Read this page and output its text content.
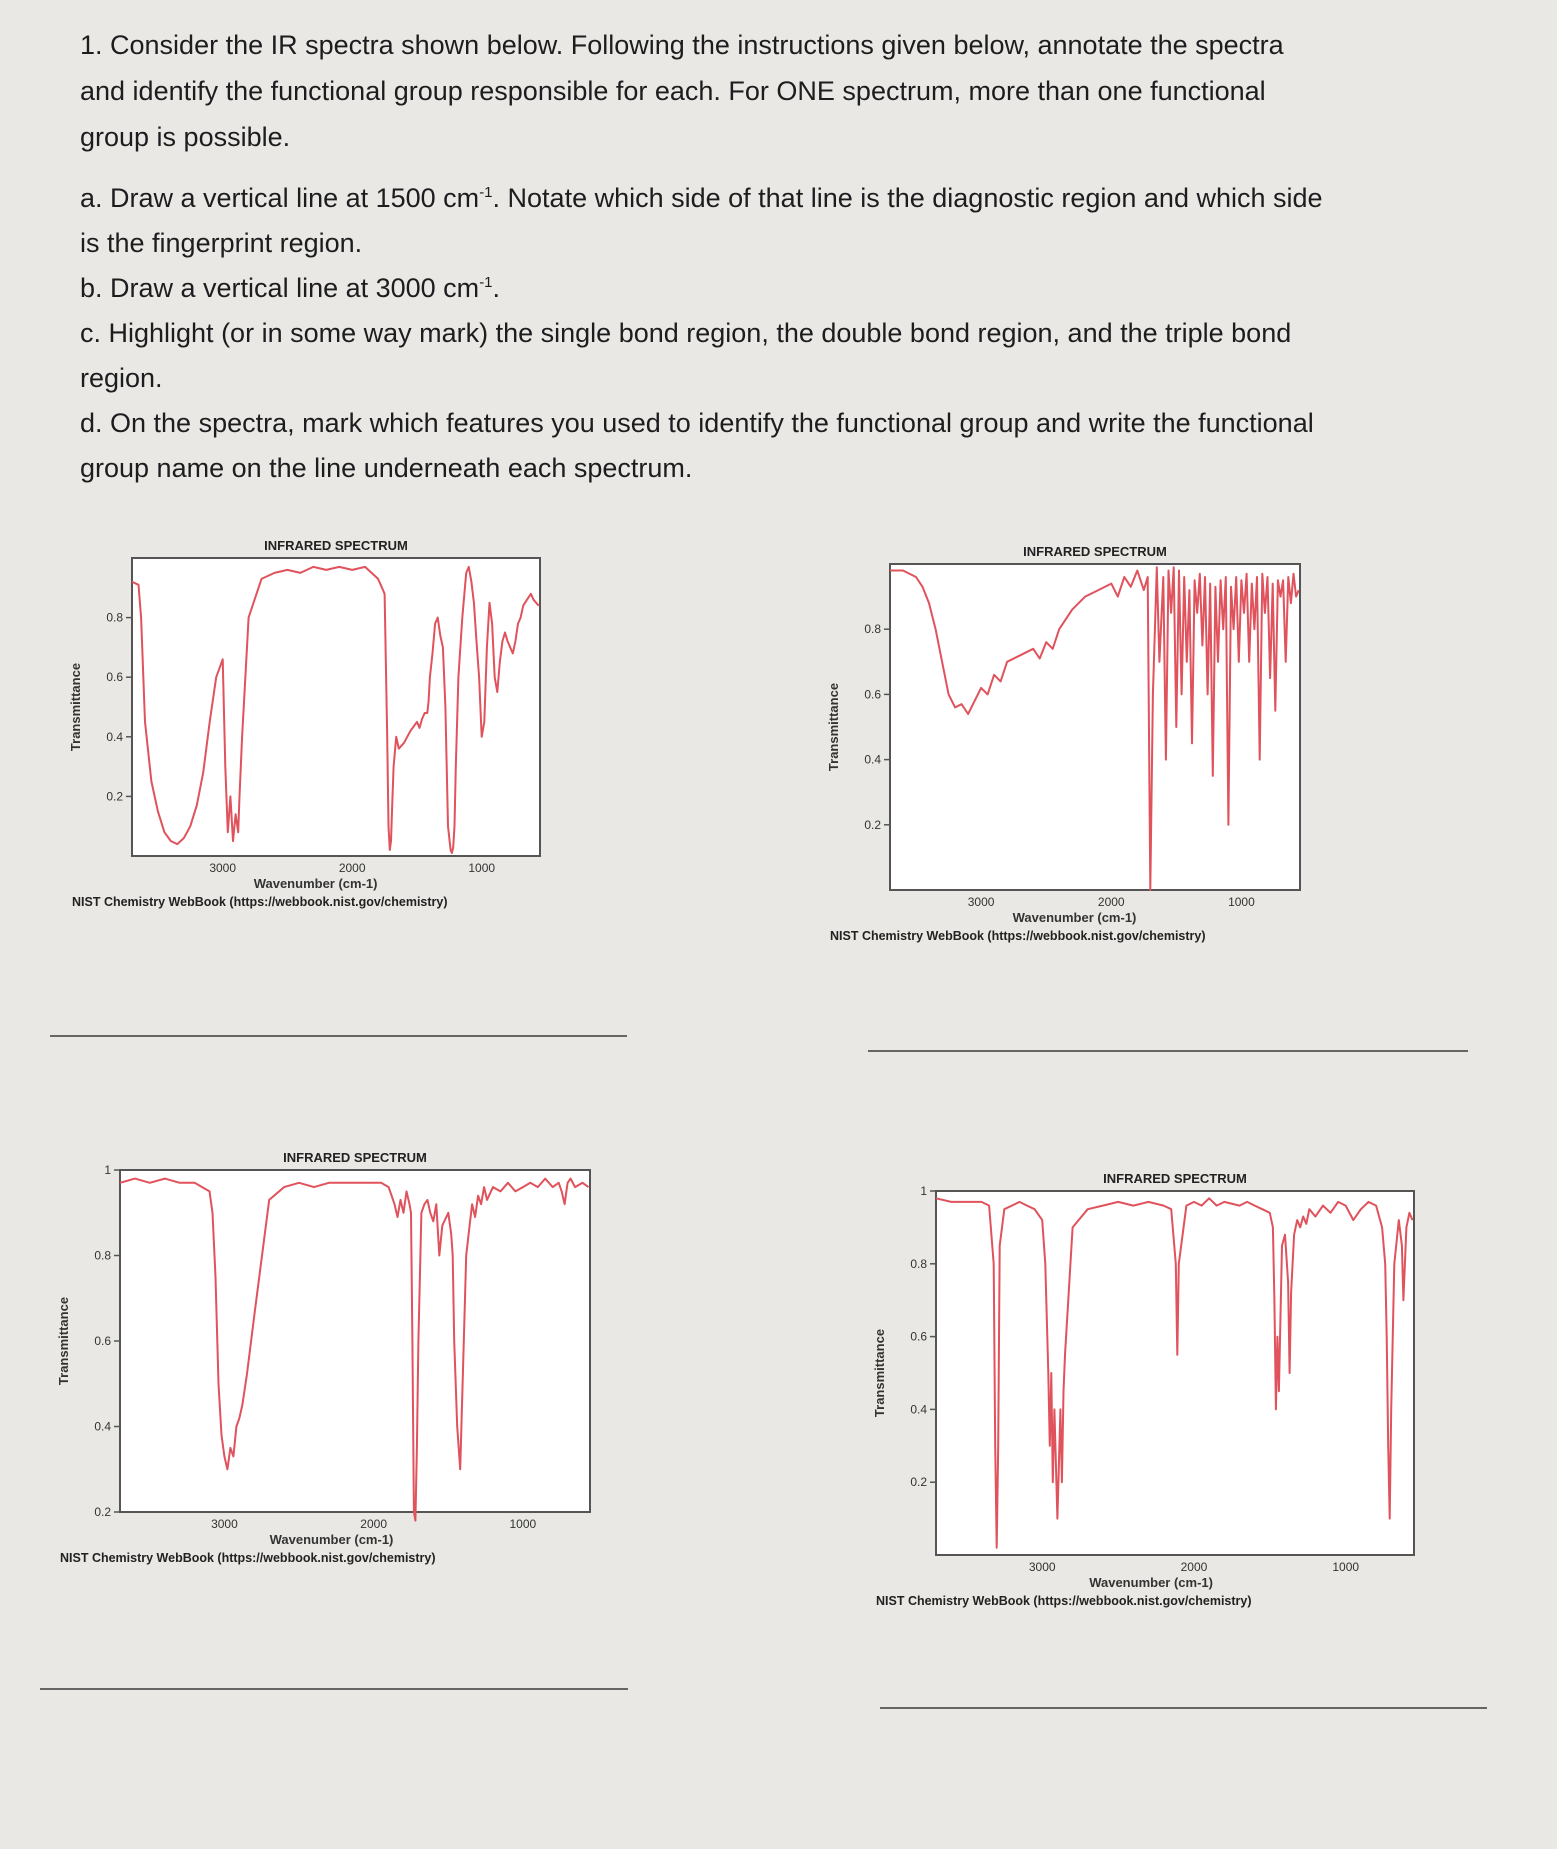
1. Consider the IR spectra shown below. Following the instructions given below, annotate the spectra

and identify the functional group responsible for each. For ONE spectrum, more than one functional

group is possible.

a. Draw a vertical line at 1500 $cm^{-1}$. Notate which side of that line is the diagnostic region and which side

is the fingerprint region.

b. Draw a vertical line at 3000 $cm^{-1}$.

c. Highlight (or in some way mark) the single bond region, the double bond region, and the triple bond

region.

d. On the spectra, mark which features you used to identify the functional group and write the functional

group name on the line underneath each spectrum.

INFRARED SPECTRUM
0.2
0.4
0.6
0.8
3000	2000	1000
Wavenumber (cm-1)
Transmittance
NIST Chemistry WebBook (https://webbook.nist.gov/chemistry)
INFRARED SPECTRUM
0.2
0.4
0.6
0.8
3000	2000	1000
Wavenumber (cm-1)
Transmittance
NIST Chemistry WebBook (https://webbook.nist.gov/chemistry)
INFRARED SPECTRUM
0.2
0.4
0.6
0.8
1
3000	2000	1000
Wavenumber (cm-1)
Transmittance
NIST Chemistry WebBook (https://webbook.nist.gov/chemistry)
INFRARED SPECTRUM
0.2
0.4
0.6
0.8
1
3000	2000	1000
Wavenumber (cm-1)
Transmittance
NIST Chemistry WebBook (https://webbook.nist.gov/chemistry)
